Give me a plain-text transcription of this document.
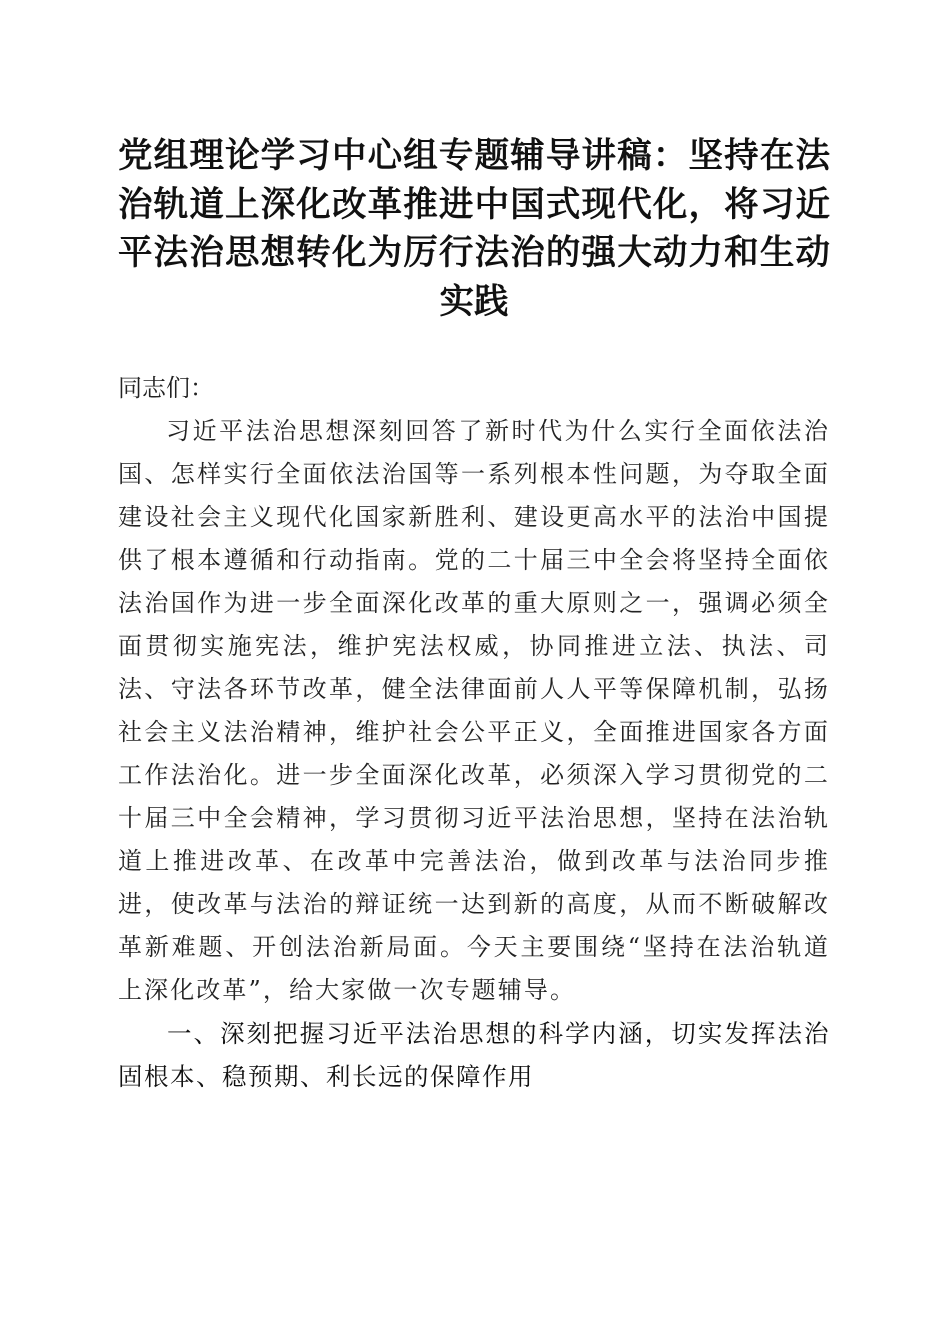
党组理论学习中心组专题辅导讲稿：坚持在法治轨道上深化改革推进中国式现代化，将习近平法治思想转化为厉行法治的强大动力和生动实践

同志们：

习近平法治思想深刻回答了新时代为什么实行全面依法治国、怎样实行全面依法治国等一系列根本性问题，为夺取全面建设社会主义现代化国家新胜利、建设更高水平的法治中国提供了根本遵循和行动指南。党的二十届三中全会将坚持全面依法治国作为进一步全面深化改革的重大原则之一，强调必须全面贯彻实施宪法，维护宪法权威，协同推进立法、执法、司法、守法各环节改革，健全法律面前人人平等保障机制，弘扬社会主义法治精神，维护社会公平正义，全面推进国家各方面工作法治化。进一步全面深化改革，必须深入学习贯彻党的二十届三中全会精神，学习贯彻习近平法治思想，坚持在法治轨道上推进改革、在改革中完善法治，做到改革与法治同步推进，使改革与法治的辩证统一达到新的高度，从而不断破解改革新难题、开创法治新局面。今天主要围绕“坚持在法治轨道上深化改革”，给大家做一次专题辅导。

一、深刻把握习近平法治思想的科学内涵，切实发挥法治固根本、稳预期、利长远的保障作用
